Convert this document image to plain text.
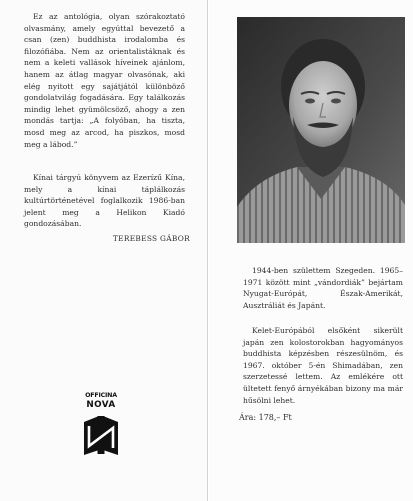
Ez az antológia, olyan szórakoztató olvasmány, amely egyúttal bevezető a csan (zen) buddhista irodalomba és filozófiába. Nem az orientalistáknak és nem a keleti vallások híveinek ajánlom, hanem az átlag magyar olvasónak, aki elég nyitott egy sajátjától különböző gondolatvilág fogadására. Egy találkozás mindig lehet gyümölcsöző, ahogy a zen mondás tartja: „A folyóban, ha tiszta, mosd meg az arcod, ha piszkos, mosd meg a lábod.”

Kínai tárgyú könyvem az Ezerízű Kína, mely a kínai táplálkozás kultúrtörténetével foglalkozik 1986-ban jelent meg a Helikon Kiadó gondozásában.

TEREBESS GÁBOR

OFFICINA
NOVA

1944-ben születtem Szegeden. 1965–1971 között mint „vándordiák” bejártam Nyugat-Európát, Észak-Amerikát, Ausztráliát és Japánt.

Kelet-Európából elsőként sikerült japán zen kolostorokban hagyományos buddhista képzésben részesülnöm, és 1967. október 5-én Shimadában, zen szerzetessé lettem. Az emlékére ott ültetett fenyő árnyékában bizony ma már hűsölni lehet.

Ára: 178,– Ft
